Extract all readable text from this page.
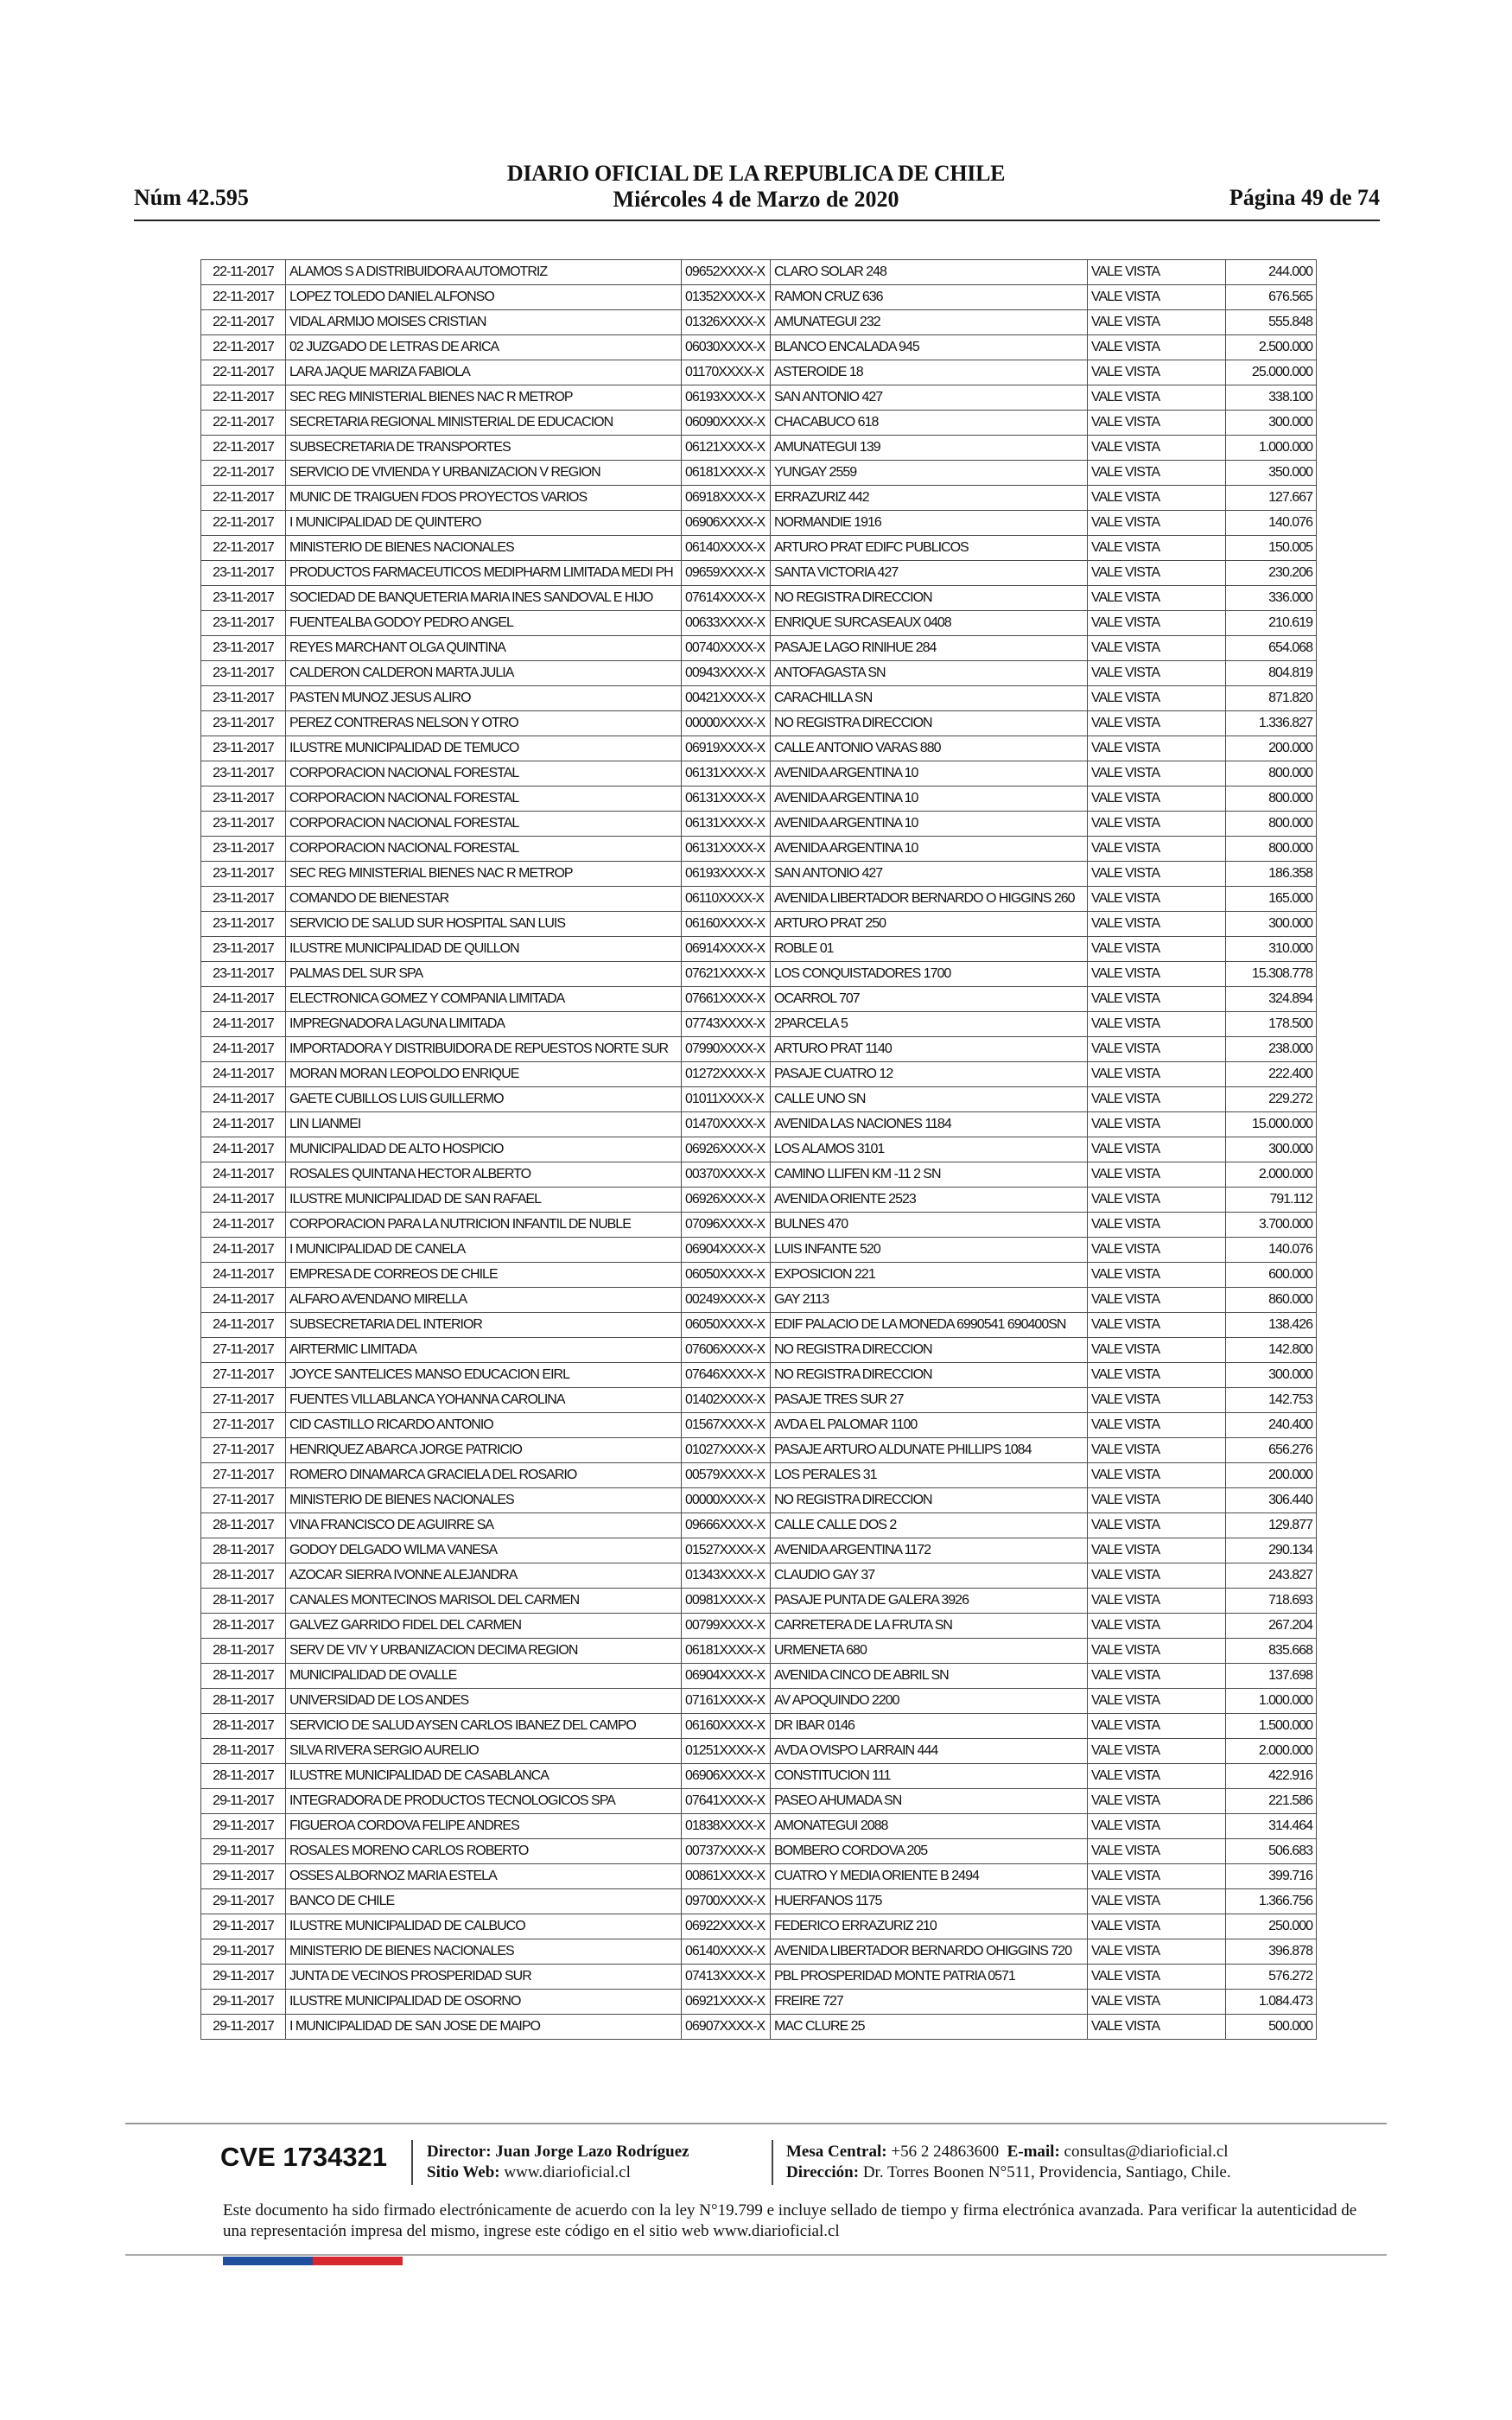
DIARIO OFICIAL DE LA REPUBLICA DE CHILE
Núm 42.595	Miércoles 4 de Marzo de 2020	Página 49 de 74
22-11-2017	ALAMOS S A DISTRIBUIDORA AUTOMOTRIZ	09652XXXX-X	CLARO SOLAR 248	VALE VISTA	244.000
22-11-2017	LOPEZ TOLEDO DANIEL ALFONSO	01352XXXX-X	RAMON CRUZ 636	VALE VISTA	676.565
22-11-2017	VIDAL ARMIJO MOISES CRISTIAN	01326XXXX-X	AMUNATEGUI 232	VALE VISTA	555.848
22-11-2017	02 JUZGADO DE LETRAS DE ARICA	06030XXXX-X	BLANCO ENCALADA 945	VALE VISTA	2.500.000
22-11-2017	LARA JAQUE MARIZA FABIOLA	01170XXXX-X	ASTEROIDE 18	VALE VISTA	25.000.000
22-11-2017	SEC REG MINISTERIAL BIENES NAC R METROP	06193XXXX-X	SAN ANTONIO 427	VALE VISTA	338.100
22-11-2017	SECRETARIA REGIONAL MINISTERIAL DE EDUCACION	06090XXXX-X	CHACABUCO 618	VALE VISTA	300.000
22-11-2017	SUBSECRETARIA DE TRANSPORTES	06121XXXX-X	AMUNATEGUI 139	VALE VISTA	1.000.000
22-11-2017	SERVICIO DE VIVIENDA Y URBANIZACION V REGION	06181XXXX-X	YUNGAY 2559	VALE VISTA	350.000
22-11-2017	MUNIC DE TRAIGUEN FDOS PROYECTOS VARIOS	06918XXXX-X	ERRAZURIZ 442	VALE VISTA	127.667
22-11-2017	I MUNICIPALIDAD DE QUINTERO	06906XXXX-X	NORMANDIE 1916	VALE VISTA	140.076
22-11-2017	MINISTERIO DE BIENES NACIONALES	06140XXXX-X	ARTURO PRAT EDIFC PUBLICOS	VALE VISTA	150.005
23-11-2017	PRODUCTOS FARMACEUTICOS MEDIPHARM LIMITADA MEDI PH	09659XXXX-X	SANTA VICTORIA 427	VALE VISTA	230.206
23-11-2017	SOCIEDAD DE BANQUETERIA MARIA INES SANDOVAL E HIJO	07614XXXX-X	NO REGISTRA DIRECCION	VALE VISTA	336.000
23-11-2017	FUENTEALBA GODOY PEDRO ANGEL	00633XXXX-X	ENRIQUE SURCASEAUX 0408	VALE VISTA	210.619
23-11-2017	REYES MARCHANT OLGA QUINTINA	00740XXXX-X	PASAJE LAGO RINIHUE 284	VALE VISTA	654.068
23-11-2017	CALDERON CALDERON MARTA JULIA	00943XXXX-X	ANTOFAGASTA SN	VALE VISTA	804.819
23-11-2017	PASTEN MUNOZ JESUS ALIRO	00421XXXX-X	CARACHILLA SN	VALE VISTA	871.820
23-11-2017	PEREZ CONTRERAS NELSON Y OTRO	00000XXXX-X	NO REGISTRA DIRECCION	VALE VISTA	1.336.827
23-11-2017	ILUSTRE MUNICIPALIDAD DE TEMUCO	06919XXXX-X	CALLE ANTONIO VARAS 880	VALE VISTA	200.000
23-11-2017	CORPORACION NACIONAL FORESTAL	06131XXXX-X	AVENIDA ARGENTINA 10	VALE VISTA	800.000
23-11-2017	CORPORACION NACIONAL FORESTAL	06131XXXX-X	AVENIDA ARGENTINA 10	VALE VISTA	800.000
23-11-2017	CORPORACION NACIONAL FORESTAL	06131XXXX-X	AVENIDA ARGENTINA 10	VALE VISTA	800.000
23-11-2017	CORPORACION NACIONAL FORESTAL	06131XXXX-X	AVENIDA ARGENTINA 10	VALE VISTA	800.000
23-11-2017	SEC REG MINISTERIAL BIENES NAC R METROP	06193XXXX-X	SAN ANTONIO 427	VALE VISTA	186.358
23-11-2017	COMANDO DE BIENESTAR	06110XXXX-X	AVENIDA LIBERTADOR BERNARDO O HIGGINS 260	VALE VISTA	165.000
23-11-2017	SERVICIO DE SALUD SUR HOSPITAL SAN LUIS	06160XXXX-X	ARTURO PRAT 250	VALE VISTA	300.000
23-11-2017	ILUSTRE MUNICIPALIDAD DE QUILLON	06914XXXX-X	ROBLE 01	VALE VISTA	310.000
23-11-2017	PALMAS DEL SUR SPA	07621XXXX-X	LOS CONQUISTADORES 1700	VALE VISTA	15.308.778
24-11-2017	ELECTRONICA GOMEZ Y COMPANIA LIMITADA	07661XXXX-X	OCARROL 707	VALE VISTA	324.894
24-11-2017	IMPREGNADORA LAGUNA LIMITADA	07743XXXX-X	2PARCELA 5	VALE VISTA	178.500
24-11-2017	IMPORTADORA Y DISTRIBUIDORA DE REPUESTOS NORTE SUR	07990XXXX-X	ARTURO PRAT 1140	VALE VISTA	238.000
24-11-2017	MORAN MORAN LEOPOLDO ENRIQUE	01272XXXX-X	PASAJE CUATRO 12	VALE VISTA	222.400
24-11-2017	GAETE CUBILLOS LUIS GUILLERMO	01011XXXX-X	CALLE UNO SN	VALE VISTA	229.272
24-11-2017	LIN LIANMEI	01470XXXX-X	AVENIDA LAS NACIONES 1184	VALE VISTA	15.000.000
24-11-2017	MUNICIPALIDAD DE ALTO HOSPICIO	06926XXXX-X	LOS ALAMOS 3101	VALE VISTA	300.000
24-11-2017	ROSALES QUINTANA HECTOR ALBERTO	00370XXXX-X	CAMINO LLIFEN KM -11 2 SN	VALE VISTA	2.000.000
24-11-2017	ILUSTRE MUNICIPALIDAD DE SAN RAFAEL	06926XXXX-X	AVENIDA ORIENTE 2523	VALE VISTA	791.112
24-11-2017	CORPORACION PARA LA NUTRICION INFANTIL DE NUBLE	07096XXXX-X	BULNES 470	VALE VISTA	3.700.000
24-11-2017	I MUNICIPALIDAD DE CANELA	06904XXXX-X	LUIS INFANTE 520	VALE VISTA	140.076
24-11-2017	EMPRESA DE CORREOS DE CHILE	06050XXXX-X	EXPOSICION 221	VALE VISTA	600.000
24-11-2017	ALFARO AVENDANO MIRELLA	00249XXXX-X	GAY 2113	VALE VISTA	860.000
24-11-2017	SUBSECRETARIA DEL INTERIOR	06050XXXX-X	EDIF PALACIO DE LA MONEDA 6990541 690400SN	VALE VISTA	138.426
27-11-2017	AIRTERMIC LIMITADA	07606XXXX-X	NO REGISTRA DIRECCION	VALE VISTA	142.800
27-11-2017	JOYCE SANTELICES MANSO EDUCACION EIRL	07646XXXX-X	NO REGISTRA DIRECCION	VALE VISTA	300.000
27-11-2017	FUENTES VILLABLANCA YOHANNA CAROLINA	01402XXXX-X	PASAJE TRES SUR 27	VALE VISTA	142.753
27-11-2017	CID CASTILLO RICARDO ANTONIO	01567XXXX-X	AVDA EL PALOMAR 1100	VALE VISTA	240.400
27-11-2017	HENRIQUEZ ABARCA JORGE PATRICIO	01027XXXX-X	PASAJE ARTURO ALDUNATE PHILLIPS 1084	VALE VISTA	656.276
27-11-2017	ROMERO DINAMARCA GRACIELA DEL ROSARIO	00579XXXX-X	LOS PERALES 31	VALE VISTA	200.000
27-11-2017	MINISTERIO DE BIENES NACIONALES	00000XXXX-X	NO REGISTRA DIRECCION	VALE VISTA	306.440
28-11-2017	VINA FRANCISCO DE AGUIRRE SA	09666XXXX-X	CALLE CALLE DOS 2	VALE VISTA	129.877
28-11-2017	GODOY DELGADO WILMA VANESA	01527XXXX-X	AVENIDA ARGENTINA 1172	VALE VISTA	290.134
28-11-2017	AZOCAR SIERRA IVONNE ALEJANDRA	01343XXXX-X	CLAUDIO GAY 37	VALE VISTA	243.827
28-11-2017	CANALES MONTECINOS MARISOL DEL CARMEN	00981XXXX-X	PASAJE PUNTA DE GALERA 3926	VALE VISTA	718.693
28-11-2017	GALVEZ GARRIDO FIDEL DEL CARMEN	00799XXXX-X	CARRETERA DE LA FRUTA SN	VALE VISTA	267.204
28-11-2017	SERV DE VIV Y URBANIZACION DECIMA REGION	06181XXXX-X	URMENETA 680	VALE VISTA	835.668
28-11-2017	MUNICIPALIDAD DE OVALLE	06904XXXX-X	AVENIDA CINCO DE ABRIL SN	VALE VISTA	137.698
28-11-2017	UNIVERSIDAD DE LOS ANDES	07161XXXX-X	AV APOQUINDO 2200	VALE VISTA	1.000.000
28-11-2017	SERVICIO DE SALUD AYSEN CARLOS IBANEZ DEL CAMPO	06160XXXX-X	DR IBAR 0146	VALE VISTA	1.500.000
28-11-2017	SILVA RIVERA SERGIO AURELIO	01251XXXX-X	AVDA OVISPO LARRAIN 444	VALE VISTA	2.000.000
28-11-2017	ILUSTRE MUNICIPALIDAD DE CASABLANCA	06906XXXX-X	CONSTITUCION 111	VALE VISTA	422.916
29-11-2017	INTEGRADORA DE PRODUCTOS TECNOLOGICOS SPA	07641XXXX-X	PASEO AHUMADA SN	VALE VISTA	221.586
29-11-2017	FIGUEROA CORDOVA FELIPE ANDRES	01838XXXX-X	AMONATEGUI 2088	VALE VISTA	314.464
29-11-2017	ROSALES MORENO CARLOS ROBERTO	00737XXXX-X	BOMBERO CORDOVA 205	VALE VISTA	506.683
29-11-2017	OSSES ALBORNOZ MARIA ESTELA	00861XXXX-X	CUATRO Y MEDIA ORIENTE B 2494	VALE VISTA	399.716
29-11-2017	BANCO DE CHILE	09700XXXX-X	HUERFANOS 1175	VALE VISTA	1.366.756
29-11-2017	ILUSTRE MUNICIPALIDAD DE CALBUCO	06922XXXX-X	FEDERICO ERRAZURIZ 210	VALE VISTA	250.000
29-11-2017	MINISTERIO DE BIENES NACIONALES	06140XXXX-X	AVENIDA LIBERTADOR BERNARDO OHIGGINS 720	VALE VISTA	396.878
29-11-2017	JUNTA DE VECINOS PROSPERIDAD SUR	07413XXXX-X	PBL PROSPERIDAD MONTE PATRIA 0571	VALE VISTA	576.272
29-11-2017	ILUSTRE MUNICIPALIDAD DE OSORNO	06921XXXX-X	FREIRE 727	VALE VISTA	1.084.473
29-11-2017	I MUNICIPALIDAD DE SAN JOSE DE MAIPO	06907XXXX-X	MAC CLURE 25	VALE VISTA	500.000
CVE 1734321 Director: Juan Jorge Lazo Rodríguez
Sitio Web: www.diarioficial.cl
Mesa Central: +56 2 24863600 E-mail: consultas@diarioficial.cl
Dirección: Dr. Torres Boonen N°511, Providencia, Santiago, Chile.
Este documento ha sido firmado electrónicamente de acuerdo con la ley N°19.799 e incluye sellado de tiempo y firma electrónica avanzada. Para verificar la autenticidad de una representación impresa del mismo, ingrese este código en el sitio web www.diarioficial.cl
